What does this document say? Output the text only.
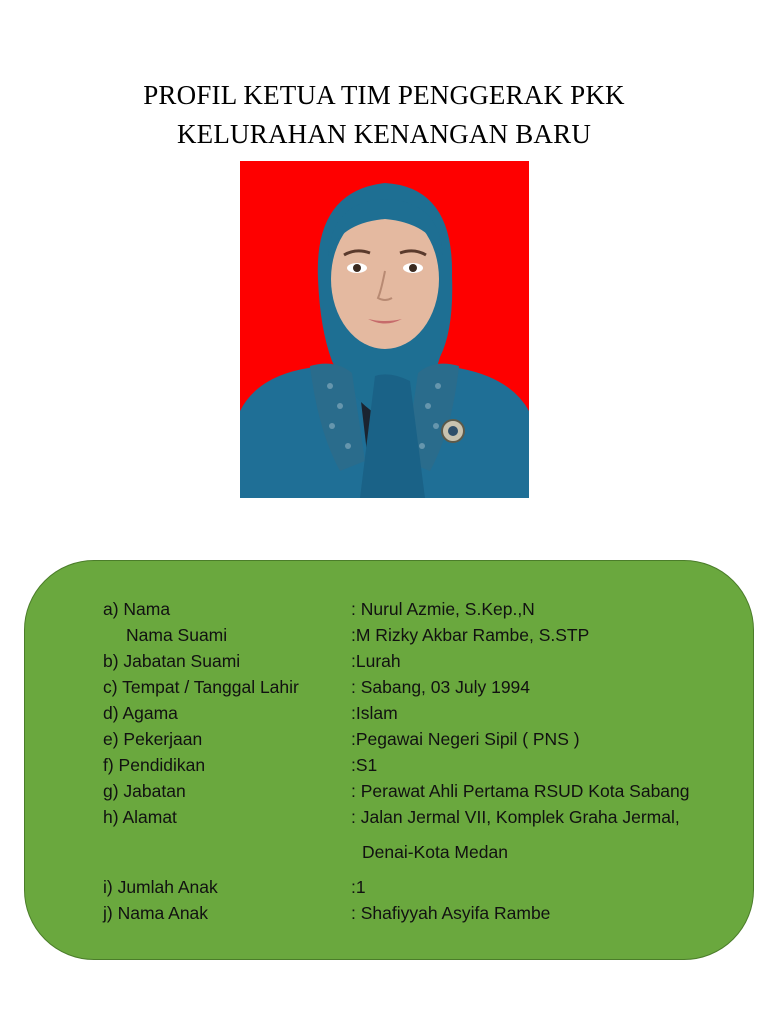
PROFIL KETUA TIM PENGGERAK PKK
KELURAHAN KENANGAN BARU
a) Nama	: Nurul Azmie, S.Kep.,N
Nama Suami	:M Rizky Akbar Rambe, S.STP
b) Jabatan Suami	:Lurah
c) Tempat / Tanggal Lahir	: Sabang, 03 July 1994
d) Agama	:Islam
e) Pekerjaan	:Pegawai Negeri Sipil ( PNS )
f) Pendidikan	:S1
g) Jabatan	: Perawat Ahli Pertama RSUD Kota Sabang
h) Alamat	: Jalan Jermal VII, Komplek Graha Jermal,
Denai-Kota Medan
i) Jumlah Anak	:1
j) Nama Anak	: Shafiyyah Asyifa Rambe
